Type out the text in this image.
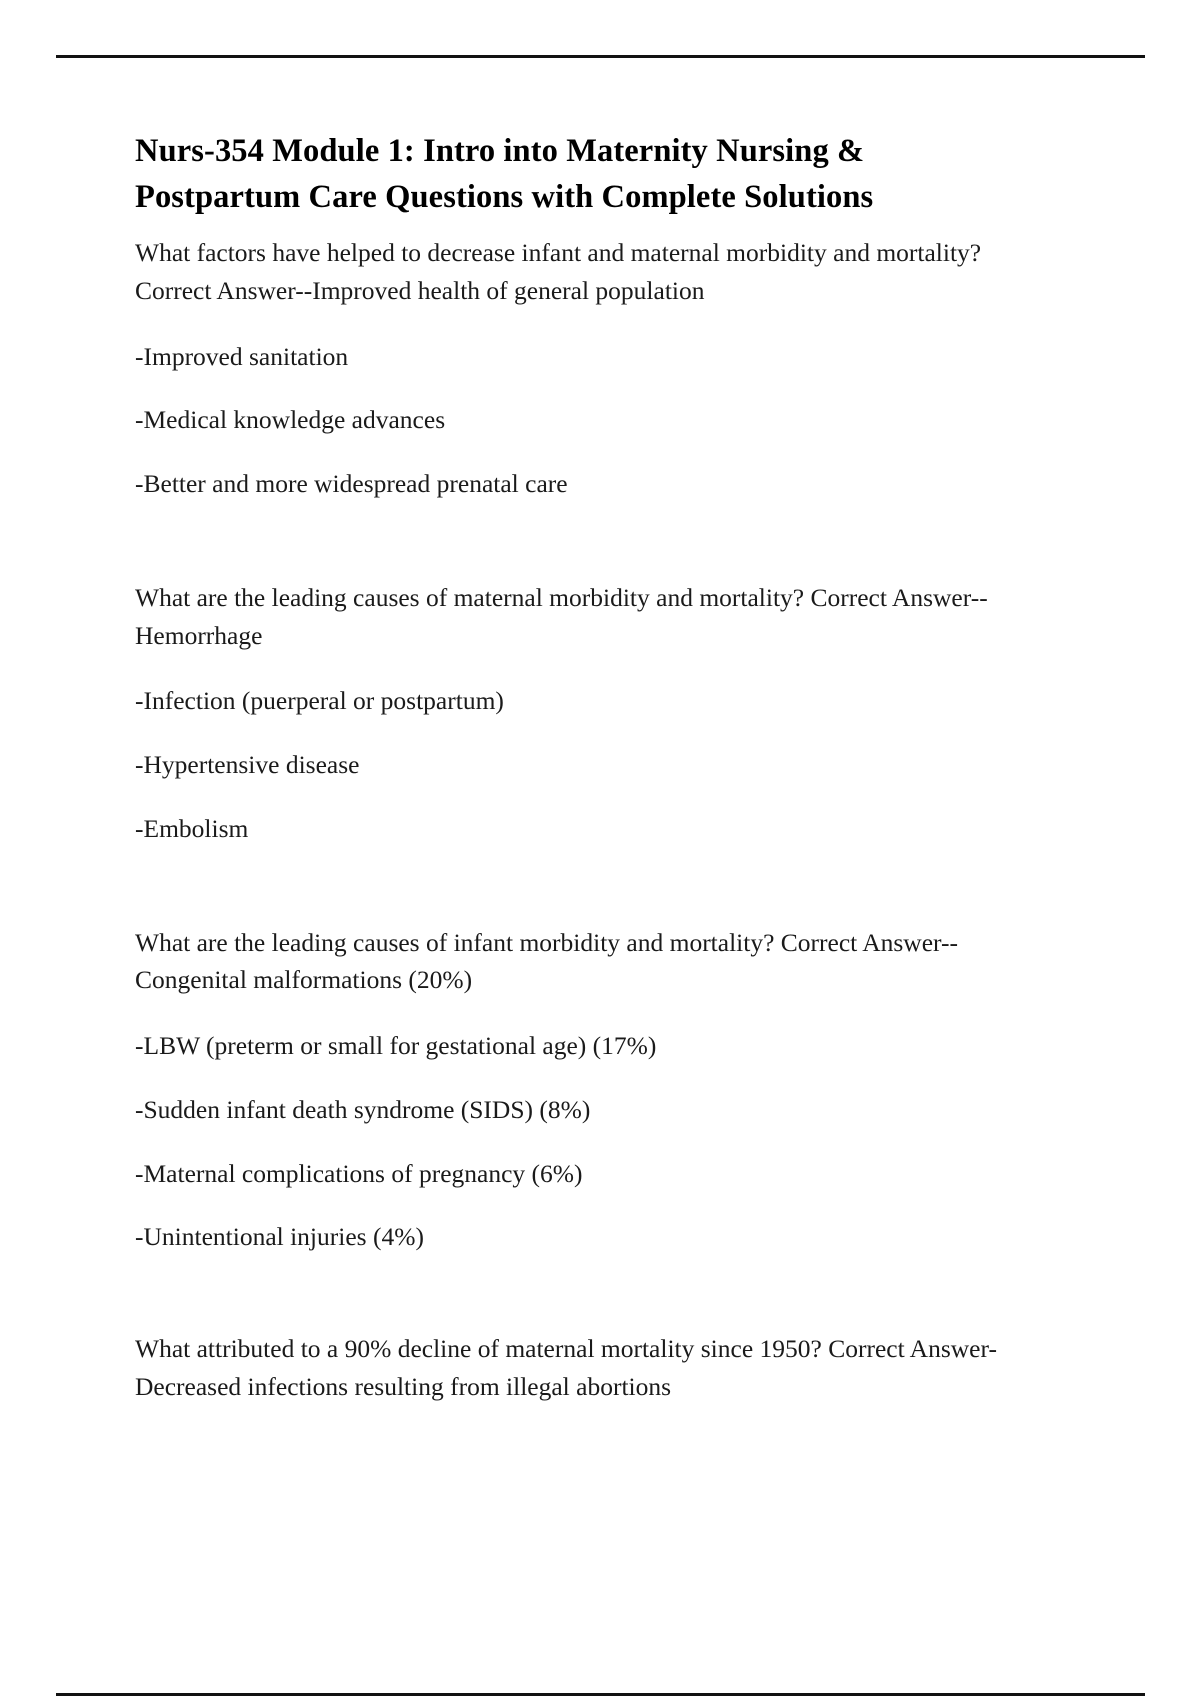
Nurs-354 Module 1: Intro into Maternity Nursing & Postpartum Care Questions with Complete Solutions

What factors have helped to decrease infant and maternal morbidity and mortality? Correct Answer--Improved health of general population

-Improved sanitation

-Medical knowledge advances

-Better and more widespread prenatal care

What are the leading causes of maternal morbidity and mortality? Correct Answer--Hemorrhage

-Infection (puerperal or postpartum)

-Hypertensive disease

-Embolism

What are the leading causes of infant morbidity and mortality? Correct Answer--Congenital malformations (20%)

-LBW (preterm or small for gestational age) (17%)

-Sudden infant death syndrome (SIDS) (8%)

-Maternal complications of pregnancy (6%)

-Unintentional injuries (4%)

What attributed to a 90% decline of maternal mortality since 1950? Correct Answer-Decreased infections resulting from illegal abortions
